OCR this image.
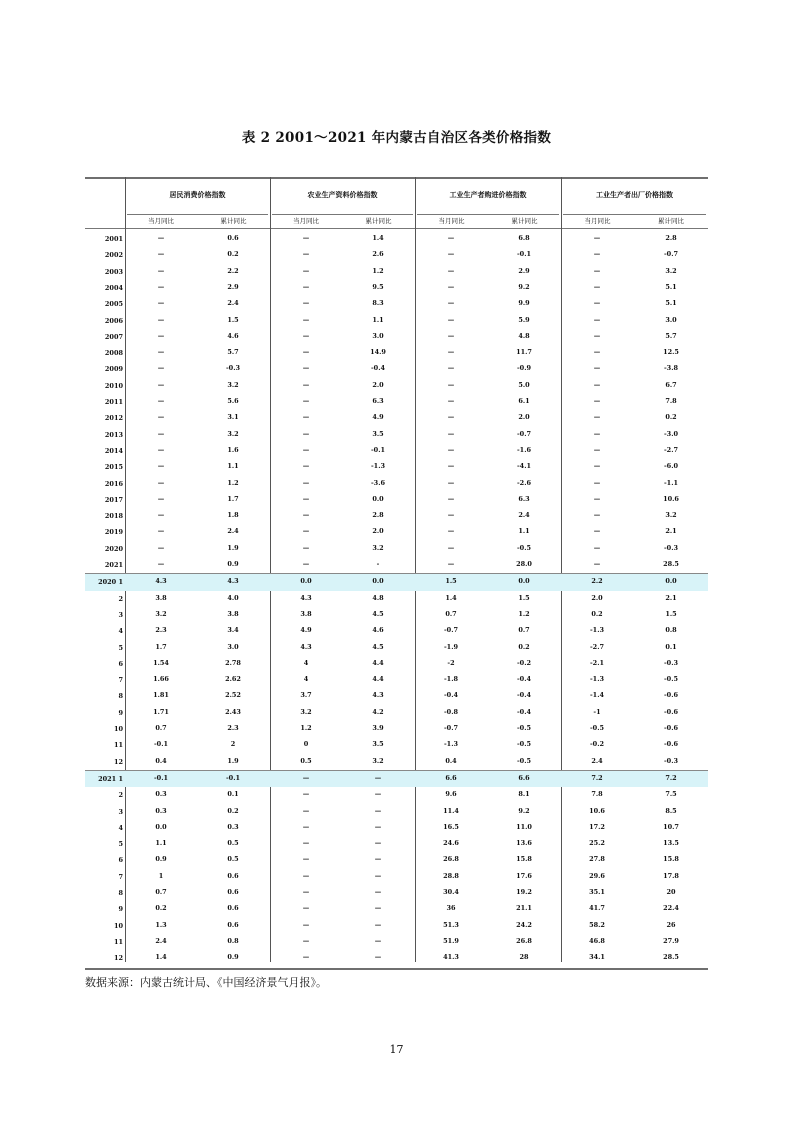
表 2 2001～2021 年内蒙古自治区各类价格指数
居民消费价格指数	农业生产资料价格指数	工业生产者购进价格指数	工业生产者出厂价格指数
当月同比	累计同比	当月同比	累计同比	当月同比	累计同比	当月同比	累计同比
2001	—	0.6	—	1.4	—	6.8	—	2.8
2002	—	0.2	—	2.6	—	-0.1	—	-0.7
2003	—	2.2	—	1.2	—	2.9	—	3.2
2004	—	2.9	—	9.5	—	9.2	—	5.1
2005	—	2.4	—	8.3	—	9.9	—	5.1
2006	—	1.5	—	1.1	—	5.9	—	3.0
2007	—	4.6	—	3.0	—	4.8	—	5.7
2008	—	5.7	—	14.9	—	11.7	—	12.5
2009	—	-0.3	—	-0.4	—	-0.9	—	-3.8
2010	—	3.2	—	2.0	—	5.0	—	6.7
2011	—	5.6	—	6.3	—	6.1	—	7.8
2012	—	3.1	—	4.9	—	2.0	—	0.2
2013	—	3.2	—	3.5	—	-0.7	—	-3.0
2014	—	1.6	—	-0.1	—	-1.6	—	-2.7
2015	—	1.1	—	-1.3	—	-4.1	—	-6.0
2016	—	1.2	—	-3.6	—	-2.6	—	-1.1
2017	—	1.7	—	0.0	—	6.3	—	10.6
2018	—	1.8	—	2.8	—	2.4	—	3.2
2019	—	2.4	—	2.0	—	1.1	—	2.1
2020	—	1.9	—	3.2	—	-0.5	—	-0.3
2021	—	0.9	—	-	—	28.0	—	28.5
2020 1	4.3	4.3	0.0	0.0	1.5	0.0	2.2	0.0
2	3.8	4.0	4.3	4.8	1.4	1.5	2.0	2.1
3	3.2	3.8	3.8	4.5	0.7	1.2	0.2	1.5
4	2.3	3.4	4.9	4.6	-0.7	0.7	-1.3	0.8
5	1.7	3.0	4.3	4.5	-1.9	0.2	-2.7	0.1
6	1.54	2.78	4	4.4	-2	-0.2	-2.1	-0.3
7	1.66	2.62	4	4.4	-1.8	-0.4	-1.3	-0.5
8	1.81	2.52	3.7	4.3	-0.4	-0.4	-1.4	-0.6
9	1.71	2.43	3.2	4.2	-0.8	-0.4	-1	-0.6
10	0.7	2.3	1.2	3.9	-0.7	-0.5	-0.5	-0.6
11	-0.1	2	0	3.5	-1.3	-0.5	-0.2	-0.6
12	0.4	1.9	0.5	3.2	0.4	-0.5	2.4	-0.3
2021 1	-0.1	-0.1	—	—	6.6	6.6	7.2	7.2
2	0.3	0.1	—	—	9.6	8.1	7.8	7.5
3	0.3	0.2	—	—	11.4	9.2	10.6	8.5
4	0.0	0.3	—	—	16.5	11.0	17.2	10.7
5	1.1	0.5	—	—	24.6	13.6	25.2	13.5
6	0.9	0.5	—	—	26.8	15.8	27.8	15.8
7	1	0.6	—	—	28.8	17.6	29.6	17.8
8	0.7	0.6	—	—	30.4	19.2	35.1	20
9	0.2	0.6	—	—	36	21.1	41.7	22.4
10	1.3	0.6	—	—	51.3	24.2	58.2	26
11	2.4	0.8	—	—	51.9	26.8	46.8	27.9
12	1.4	0.9	—	—	41.3	28	34.1	28.5
数据来源：内蒙古统计局、《中国经济景气月报》。
17
